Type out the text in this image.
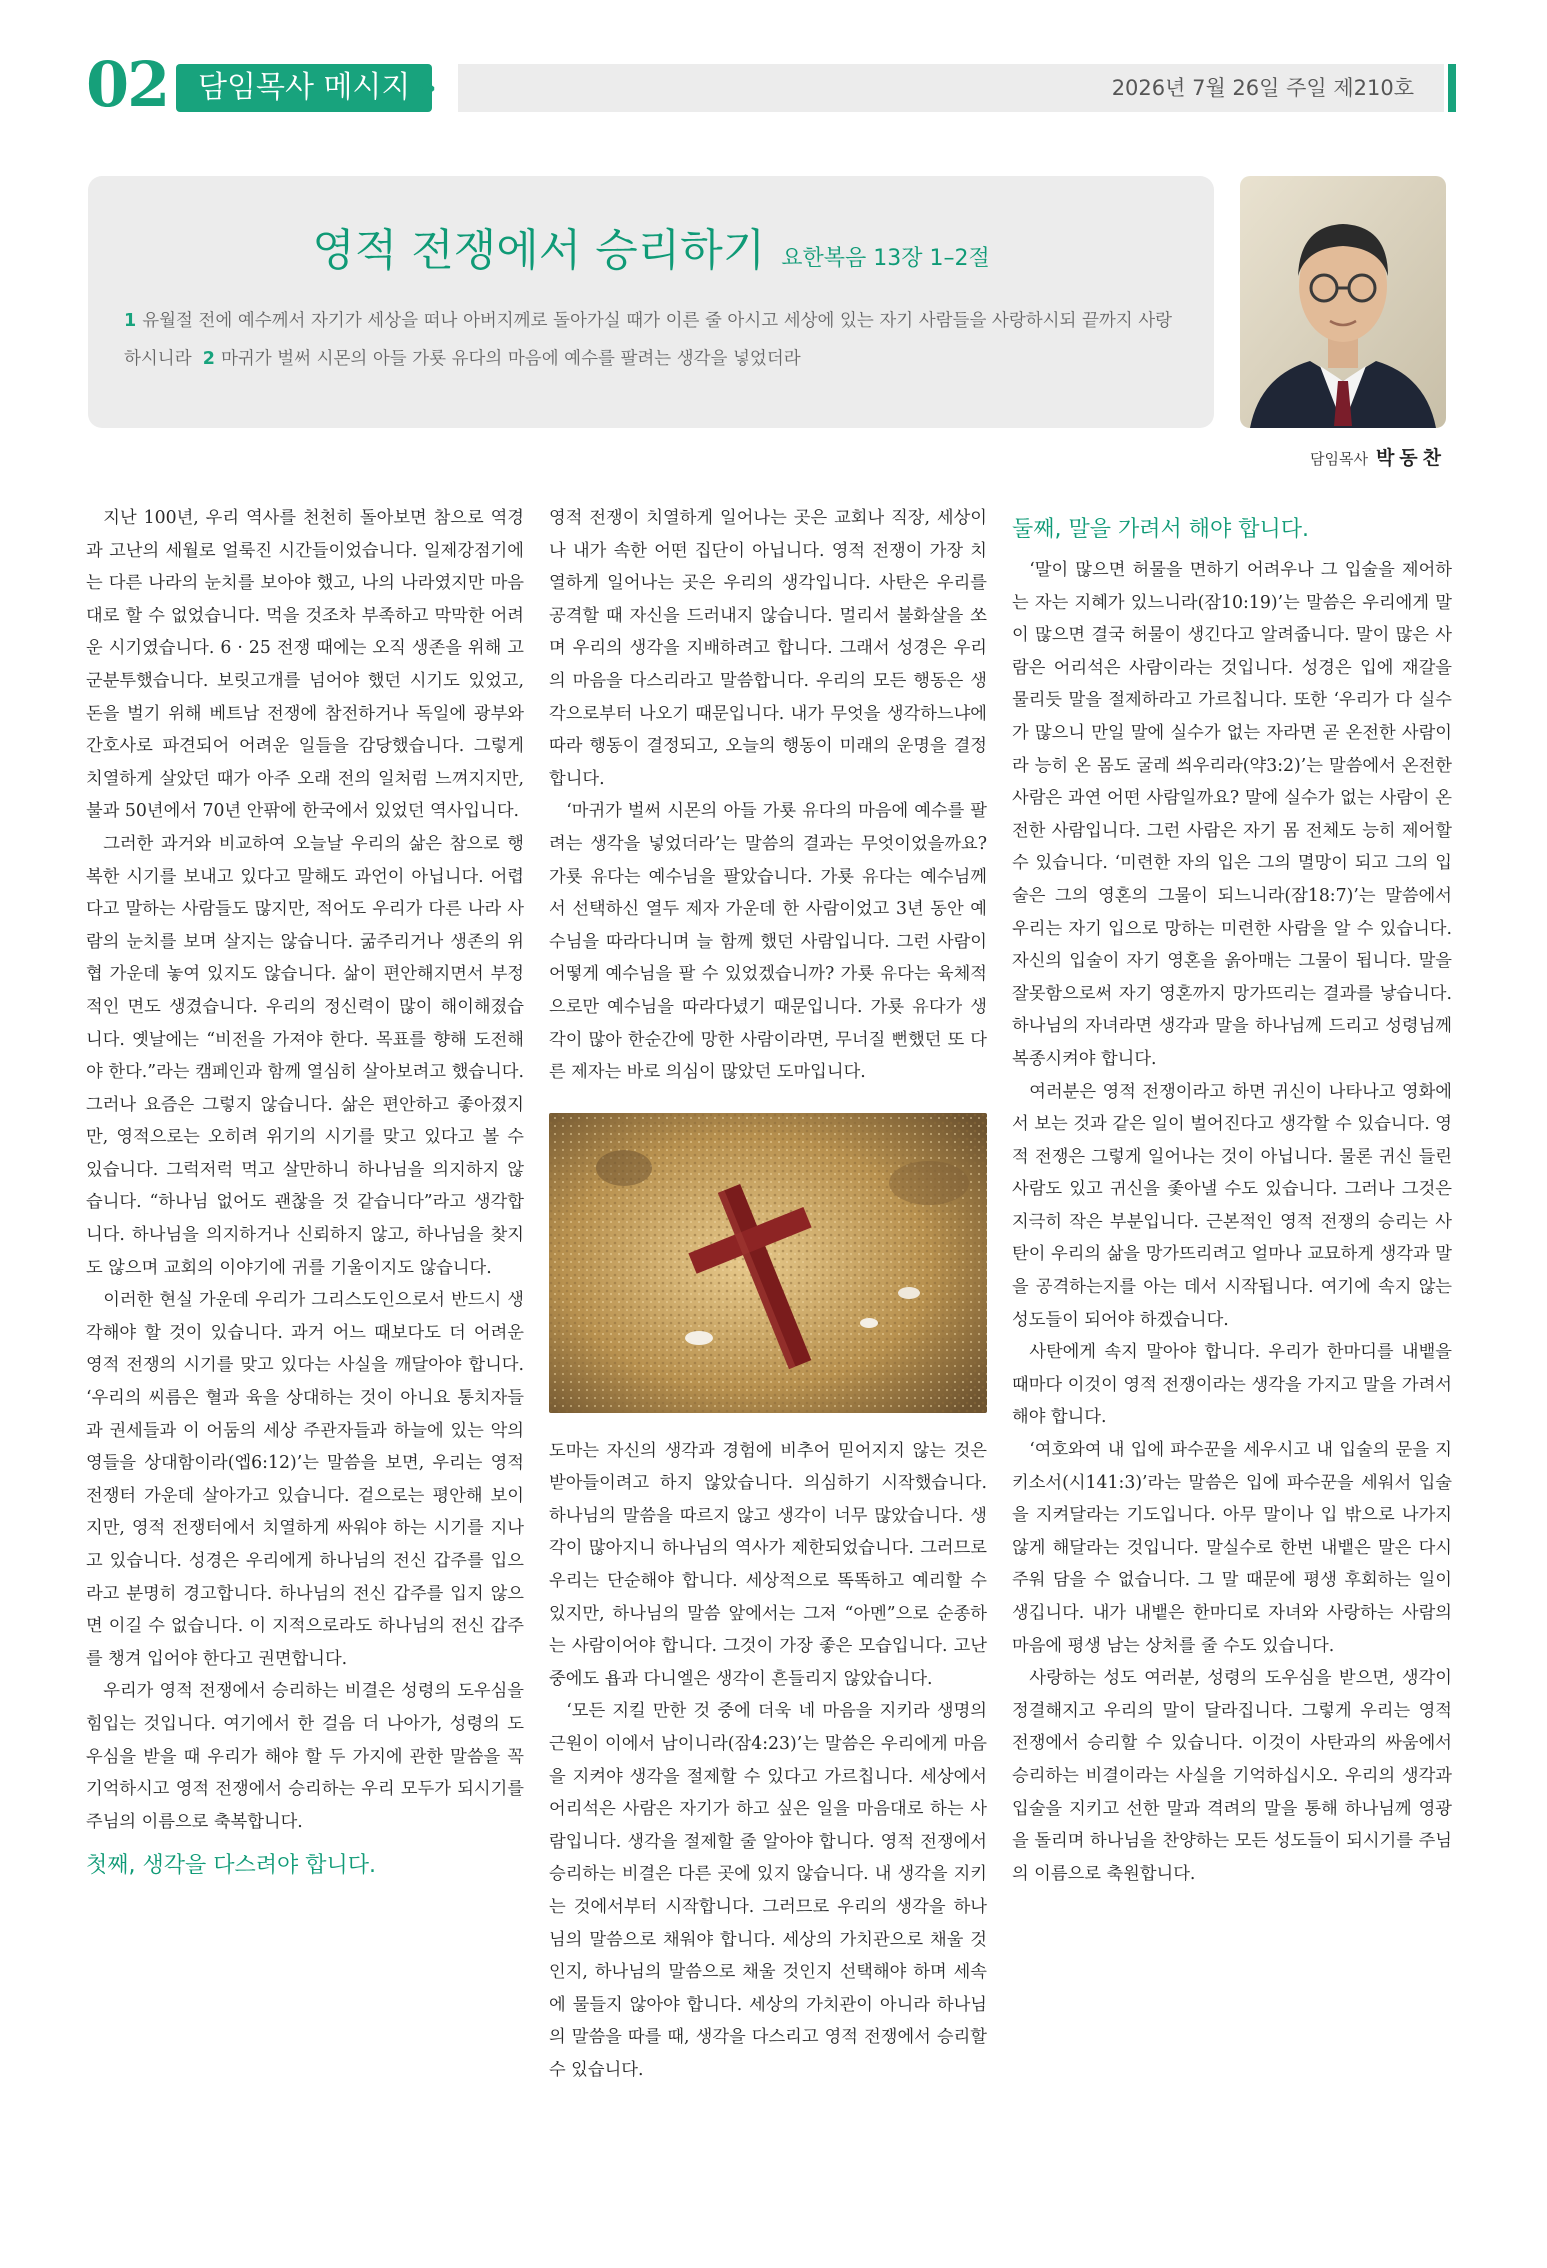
02 담임목사 메시지 »	2026년 7월 26일 주일 제210호
영적 전쟁에서 승리하기 요한복음 13장 1–2절
1 유월절 전에 예수께서 자기가 세상을 떠나 아버지께로 돌아가실 때가 이른 줄 아시고 세상에 있는 자기 사람들을 사랑하시되 끝까지 사랑하시니라 2 마귀가 벌써 시몬의 아들 가룟 유다의 마음에 예수를 팔려는 생각을 넣었더라
담임목사 박동찬

지난 100년, 우리 역사를 천천히 돌아보면 참으로 역경과 고난의 세월로 얼룩진 시간들이었습니다. 일제강점기에는 다른 나라의 눈치를 보아야 했고, 나의 나라였지만 마음대로 할 수 없었습니다. 먹을 것조차 부족하고 막막한 어려운 시기였습니다. 6 · 25 전쟁 때에는 오직 생존을 위해 고군분투했습니다. 보릿고개를 넘어야 했던 시기도 있었고, 돈을 벌기 위해 베트남 전쟁에 참전하거나 독일에 광부와 간호사로 파견되어 어려운 일들을 감당했습니다. 그렇게 치열하게 살았던 때가 아주 오래 전의 일처럼 느껴지지만, 불과 50년에서 70년 안팎에 한국에서 있었던 역사입니다.

그러한 과거와 비교하여 오늘날 우리의 삶은 참으로 행복한 시기를 보내고 있다고 말해도 과언이 아닙니다. 어렵다고 말하는 사람들도 많지만, 적어도 우리가 다른 나라 사람의 눈치를 보며 살지는 않습니다. 굶주리거나 생존의 위협 가운데 놓여 있지도 않습니다. 삶이 편안해지면서 부정적인 면도 생겼습니다. 우리의 정신력이 많이 해이해졌습니다. 옛날에는 “비전을 가져야 한다. 목표를 향해 도전해야 한다.”라는 캠페인과 함께 열심히 살아보려고 했습니다. 그러나 요즘은 그렇지 않습니다. 삶은 편안하고 좋아졌지만, 영적으로는 오히려 위기의 시기를 맞고 있다고 볼 수 있습니다. 그럭저럭 먹고 살만하니 하나님을 의지하지 않습니다. “하나님 없어도 괜찮을 것 같습니다”라고 생각합니다. 하나님을 의지하거나 신뢰하지 않고, 하나님을 찾지도 않으며 교회의 이야기에 귀를 기울이지도 않습니다.

이러한 현실 가운데 우리가 그리스도인으로서 반드시 생각해야 할 것이 있습니다. 과거 어느 때보다도 더 어려운 영적 전쟁의 시기를 맞고 있다는 사실을 깨달아야 합니다. ‘우리의 씨름은 혈과 육을 상대하는 것이 아니요 통치자들과 권세들과 이 어둠의 세상 주관자들과 하늘에 있는 악의 영들을 상대함이라(엡6:12)’는 말씀을 보면, 우리는 영적 전쟁터 가운데 살아가고 있습니다. 겉으로는 평안해 보이지만, 영적 전쟁터에서 치열하게 싸워야 하는 시기를 지나고 있습니다. 성경은 우리에게 하나님의 전신 갑주를 입으라고 분명히 경고합니다. 하나님의 전신 갑주를 입지 않으면 이길 수 없습니다. 이 지적으로라도 하나님의 전신 갑주를 챙겨 입어야 한다고 권면합니다.

우리가 영적 전쟁에서 승리하는 비결은 성령의 도우심을 힘입는 것입니다. 여기에서 한 걸음 더 나아가, 성령의 도우심을 받을 때 우리가 해야 할 두 가지에 관한 말씀을 꼭 기억하시고 영적 전쟁에서 승리하는 우리 모두가 되시기를 주님의 이름으로 축복합니다.

첫째, 생각을 다스려야 합니다.

영적 전쟁이 치열하게 일어나는 곳은 교회나 직장, 세상이나 내가 속한 어떤 집단이 아닙니다. 영적 전쟁이 가장 치열하게 일어나는 곳은 우리의 생각입니다. 사탄은 우리를 공격할 때 자신을 드러내지 않습니다. 멀리서 불화살을 쏘며 우리의 생각을 지배하려고 합니다. 그래서 성경은 우리의 마음을 다스리라고 말씀합니다. 우리의 모든 행동은 생각으로부터 나오기 때문입니다. 내가 무엇을 생각하느냐에 따라 행동이 결정되고, 오늘의 행동이 미래의 운명을 결정합니다.

‘마귀가 벌써 시몬의 아들 가룟 유다의 마음에 예수를 팔려는 생각을 넣었더라’는 말씀의 결과는 무엇이었을까요? 가룟 유다는 예수님을 팔았습니다. 가룟 유다는 예수님께서 선택하신 열두 제자 가운데 한 사람이었고 3년 동안 예수님을 따라다니며 늘 함께 했던 사람입니다. 그런 사람이 어떻게 예수님을 팔 수 있었겠습니까? 가룟 유다는 육체적으로만 예수님을 따라다녔기 때문입니다. 가룟 유다가 생각이 많아 한순간에 망한 사람이라면, 무너질 뻔했던 또 다른 제자는 바로 의심이 많았던 도마입니다.

도마는 자신의 생각과 경험에 비추어 믿어지지 않는 것은 받아들이려고 하지 않았습니다. 의심하기 시작했습니다. 하나님의 말씀을 따르지 않고 생각이 너무 많았습니다. 생각이 많아지니 하나님의 역사가 제한되었습니다. 그러므로 우리는 단순해야 합니다. 세상적으로 똑똑하고 예리할 수 있지만, 하나님의 말씀 앞에서는 그저 “아멘”으로 순종하는 사람이어야 합니다. 그것이 가장 좋은 모습입니다. 고난 중에도 욥과 다니엘은 생각이 흔들리지 않았습니다.

‘모든 지킬 만한 것 중에 더욱 네 마음을 지키라 생명의 근원이 이에서 남이니라(잠4:23)’는 말씀은 우리에게 마음을 지켜야 생각을 절제할 수 있다고 가르칩니다. 세상에서 어리석은 사람은 자기가 하고 싶은 일을 마음대로 하는 사람입니다. 생각을 절제할 줄 알아야 합니다. 영적 전쟁에서 승리하는 비결은 다른 곳에 있지 않습니다. 내 생각을 지키는 것에서부터 시작합니다. 그러므로 우리의 생각을 하나님의 말씀으로 채워야 합니다. 세상의 가치관으로 채울 것인지, 하나님의 말씀으로 채울 것인지 선택해야 하며 세속에 물들지 않아야 합니다. 세상의 가치관이 아니라 하나님의 말씀을 따를 때, 생각을 다스리고 영적 전쟁에서 승리할 수 있습니다.

둘째, 말을 가려서 해야 합니다.

‘말이 많으면 허물을 면하기 어려우나 그 입술을 제어하는 자는 지혜가 있느니라(잠10:19)’는 말씀은 우리에게 말이 많으면 결국 허물이 생긴다고 알려줍니다. 말이 많은 사람은 어리석은 사람이라는 것입니다. 성경은 입에 재갈을 물리듯 말을 절제하라고 가르칩니다. 또한 ‘우리가 다 실수가 많으니 만일 말에 실수가 없는 자라면 곧 온전한 사람이라 능히 온 몸도 굴레 씌우리라(약3:2)’는 말씀에서 온전한 사람은 과연 어떤 사람일까요? 말에 실수가 없는 사람이 온전한 사람입니다. 그런 사람은 자기 몸 전체도 능히 제어할 수 있습니다. ‘미련한 자의 입은 그의 멸망이 되고 그의 입술은 그의 영혼의 그물이 되느니라(잠18:7)’는 말씀에서 우리는 자기 입으로 망하는 미련한 사람을 알 수 있습니다. 자신의 입술이 자기 영혼을 옭아매는 그물이 됩니다. 말을 잘못함으로써 자기 영혼까지 망가뜨리는 결과를 낳습니다. 하나님의 자녀라면 생각과 말을 하나님께 드리고 성령님께 복종시켜야 합니다.

여러분은 영적 전쟁이라고 하면 귀신이 나타나고 영화에서 보는 것과 같은 일이 벌어진다고 생각할 수 있습니다. 영적 전쟁은 그렇게 일어나는 것이 아닙니다. 물론 귀신 들린 사람도 있고 귀신을 좇아낼 수도 있습니다. 그러나 그것은 지극히 작은 부분입니다. 근본적인 영적 전쟁의 승리는 사탄이 우리의 삶을 망가뜨리려고 얼마나 교묘하게 생각과 말을 공격하는지를 아는 데서 시작됩니다. 여기에 속지 않는 성도들이 되어야 하겠습니다.

사탄에게 속지 말아야 합니다. 우리가 한마디를 내뱉을 때마다 이것이 영적 전쟁이라는 생각을 가지고 말을 가려서 해야 합니다.

‘여호와여 내 입에 파수꾼을 세우시고 내 입술의 문을 지키소서(시141:3)’라는 말씀은 입에 파수꾼을 세워서 입술을 지켜달라는 기도입니다. 아무 말이나 입 밖으로 나가지 않게 해달라는 것입니다. 말실수로 한번 내뱉은 말은 다시 주워 담을 수 없습니다. 그 말 때문에 평생 후회하는 일이 생깁니다. 내가 내뱉은 한마디로 자녀와 사랑하는 사람의 마음에 평생 남는 상처를 줄 수도 있습니다.

사랑하는 성도 여러분, 성령의 도우심을 받으면, 생각이 정결해지고 우리의 말이 달라집니다. 그렇게 우리는 영적 전쟁에서 승리할 수 있습니다. 이것이 사탄과의 싸움에서 승리하는 비결이라는 사실을 기억하십시오. 우리의 생각과 입술을 지키고 선한 말과 격려의 말을 통해 하나님께 영광을 돌리며 하나님을 찬양하는 모든 성도들이 되시기를 주님의 이름으로 축원합니다.
